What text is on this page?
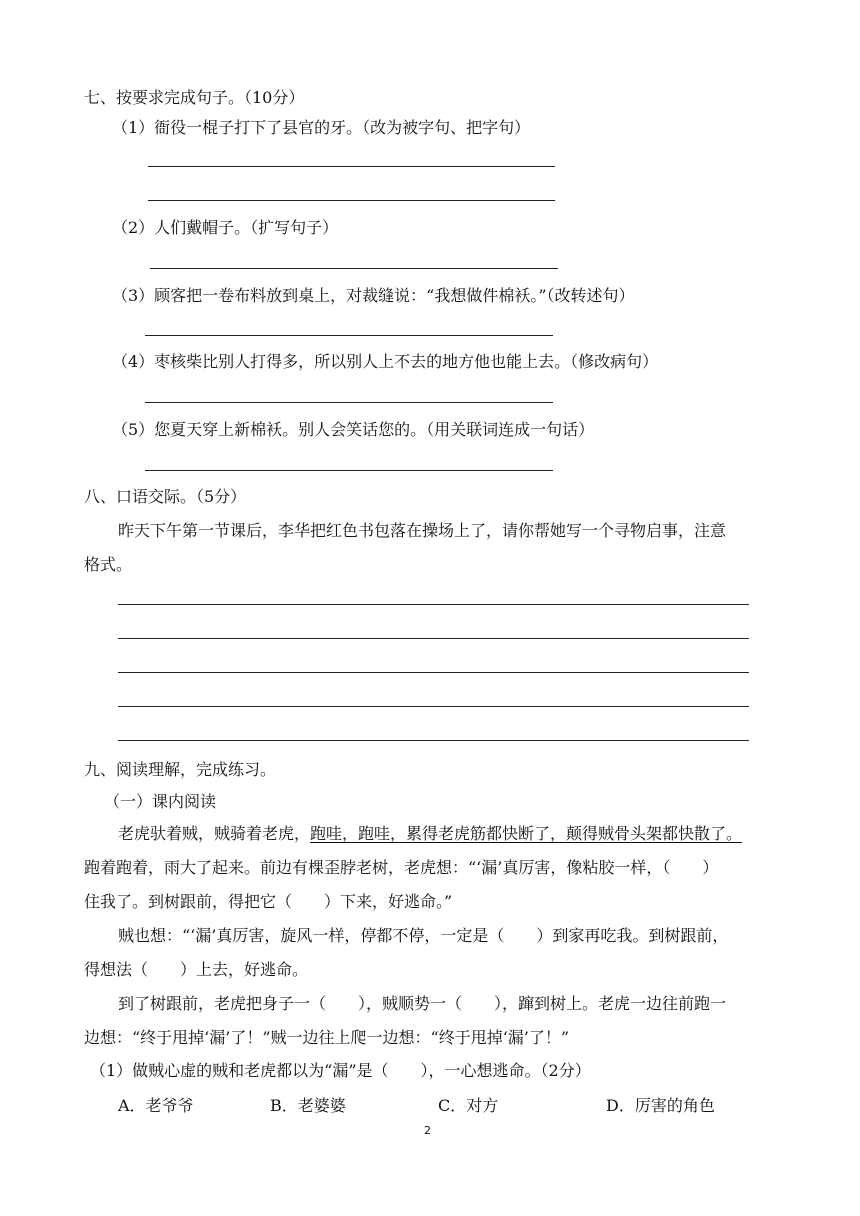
七、按要求完成句子。（10分）
（1）衙役一棍子打下了县官的牙。（改为被字句、把字句）
（2）人们戴帽子。（扩写句子）
（3）顾客把一卷布料放到桌上，对裁缝说：“我想做件棉袄。”（改转述句）
（4）枣核柴比别人打得多，所以别人上不去的地方他也能上去。（修改病句）
（5）您夏天穿上新棉袄。别人会笑话您的。（用关联词连成一句话）
八、口语交际。（5分）
昨天下午第一节课后，李华把红色书包落在操场上了，请你帮她写一个寻物启事，注意
格式。
九、阅读理解，完成练习。
（一）课内阅读
老虎驮着贼，贼骑着老虎，跑哇，跑哇，累得老虎筋都快断了，颠得贼骨头架都快散了。
跑着跑着，雨大了起来。前边有棵歪脖老树，老虎想：“‘漏’真厉害，像粘胶一样，（　　）
住我了。到树跟前，得把它（　　）下来，好逃命。”
贼也想：“‘漏’真厉害，旋风一样，停都不停，一定是（　　）到家再吃我。到树跟前，
得想法（　　）上去，好逃命。
到了树跟前，老虎把身子一（　　），贼顺势一（　　），蹿到树上。老虎一边往前跑一
边想：“终于甩掉‘漏’了！”贼一边往上爬一边想：“终于甩掉‘漏’了！”
（1）做贼心虚的贼和老虎都以为“漏”是（　　），一心想逃命。（2分）
A．老爷爷	B．老婆婆	C．对方	D．厉害的角色
2
